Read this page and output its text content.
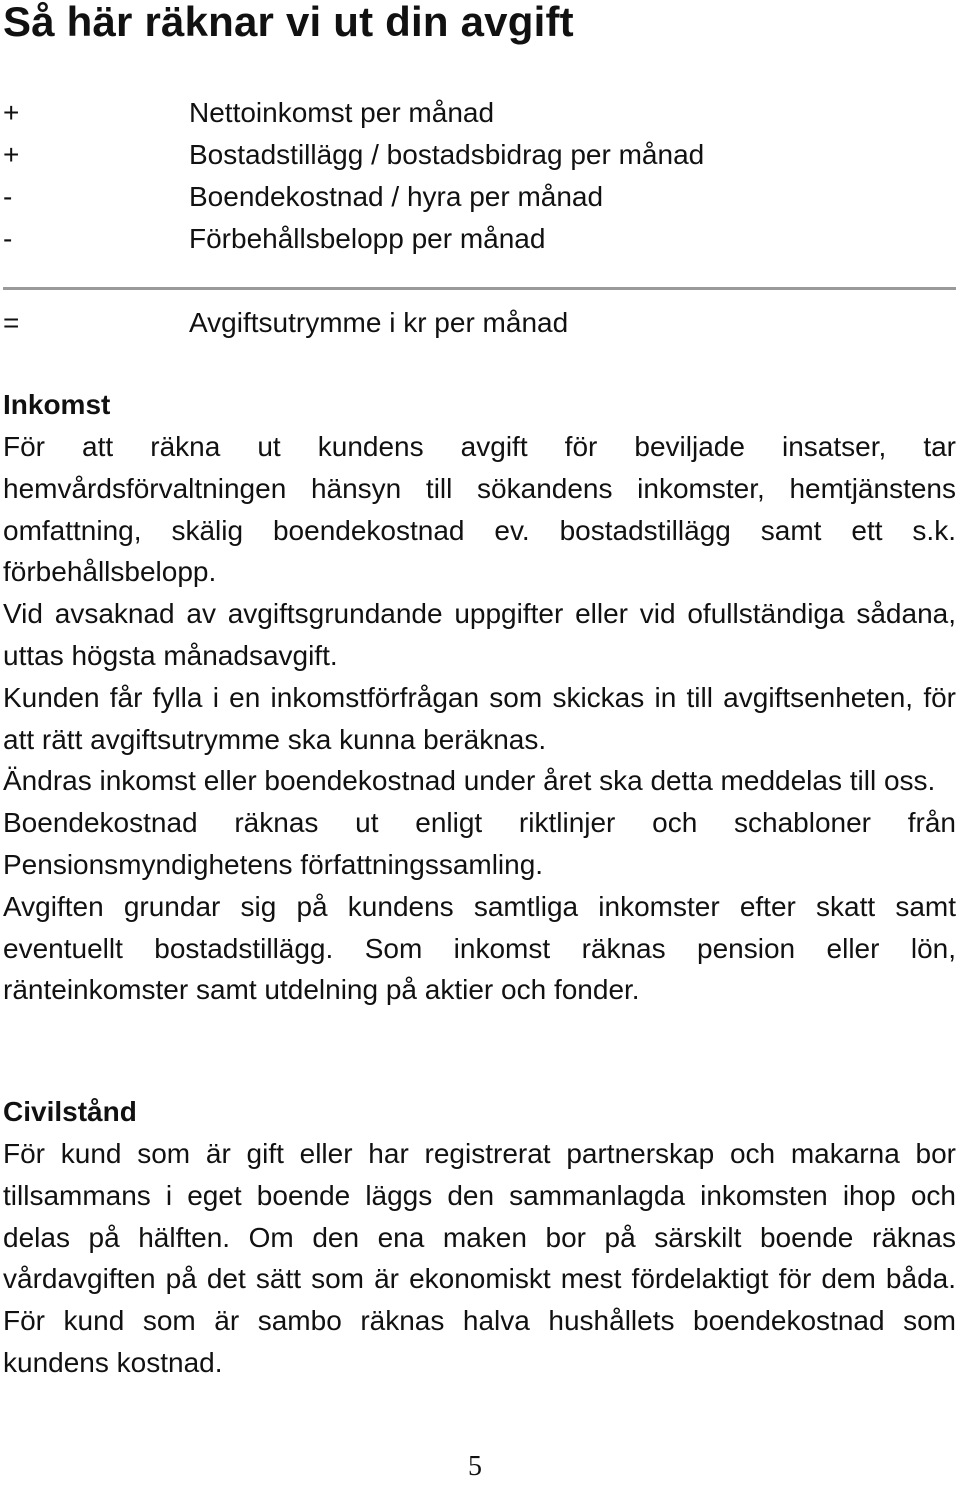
Så här räknar vi ut din avgift
+	Nettoinkomst per månad
+	Bostadstillägg / bostadsbidrag per månad
-	Boendekostnad / hyra per månad
-	Förbehållsbelopp per månad
=	Avgiftsutrymme i kr per månad
Inkomst

För att räkna ut kundens avgift för beviljade insatser, tar hemvårdsförvaltningen hänsyn till sökandens inkomster, hemtjänstens omfattning, skälig boendekostnad ev. bostadstillägg samt ett s.k. förbehållsbelopp.

Vid avsaknad av avgiftsgrundande uppgifter eller vid ofullständiga sådana, uttas högsta månadsavgift.

Kunden får fylla i en inkomstförfrågan som skickas in till avgiftsenheten, för att rätt avgiftsutrymme ska kunna beräknas.

Ändras inkomst eller boendekostnad under året ska detta meddelas till oss.

Boendekostnad räknas ut enligt riktlinjer och schabloner från Pensionsmyndighetens författningssamling.

Avgiften grundar sig på kundens samtliga inkomster efter skatt samt eventuellt bostadstillägg. Som inkomst räknas pension eller lön, ränteinkomster samt utdelning på aktier och fonder.

Civilstånd

För kund som är gift eller har registrerat partnerskap och makarna bor tillsammans i eget boende läggs den sammanlagda inkomsten ihop och delas på hälften. Om den ena maken bor på särskilt boende räknas vårdavgiften på det sätt som är ekonomiskt mest fördelaktigt för dem båda. För kund som är sambo räknas halva hushållets boendekostnad som kundens kostnad.

5
